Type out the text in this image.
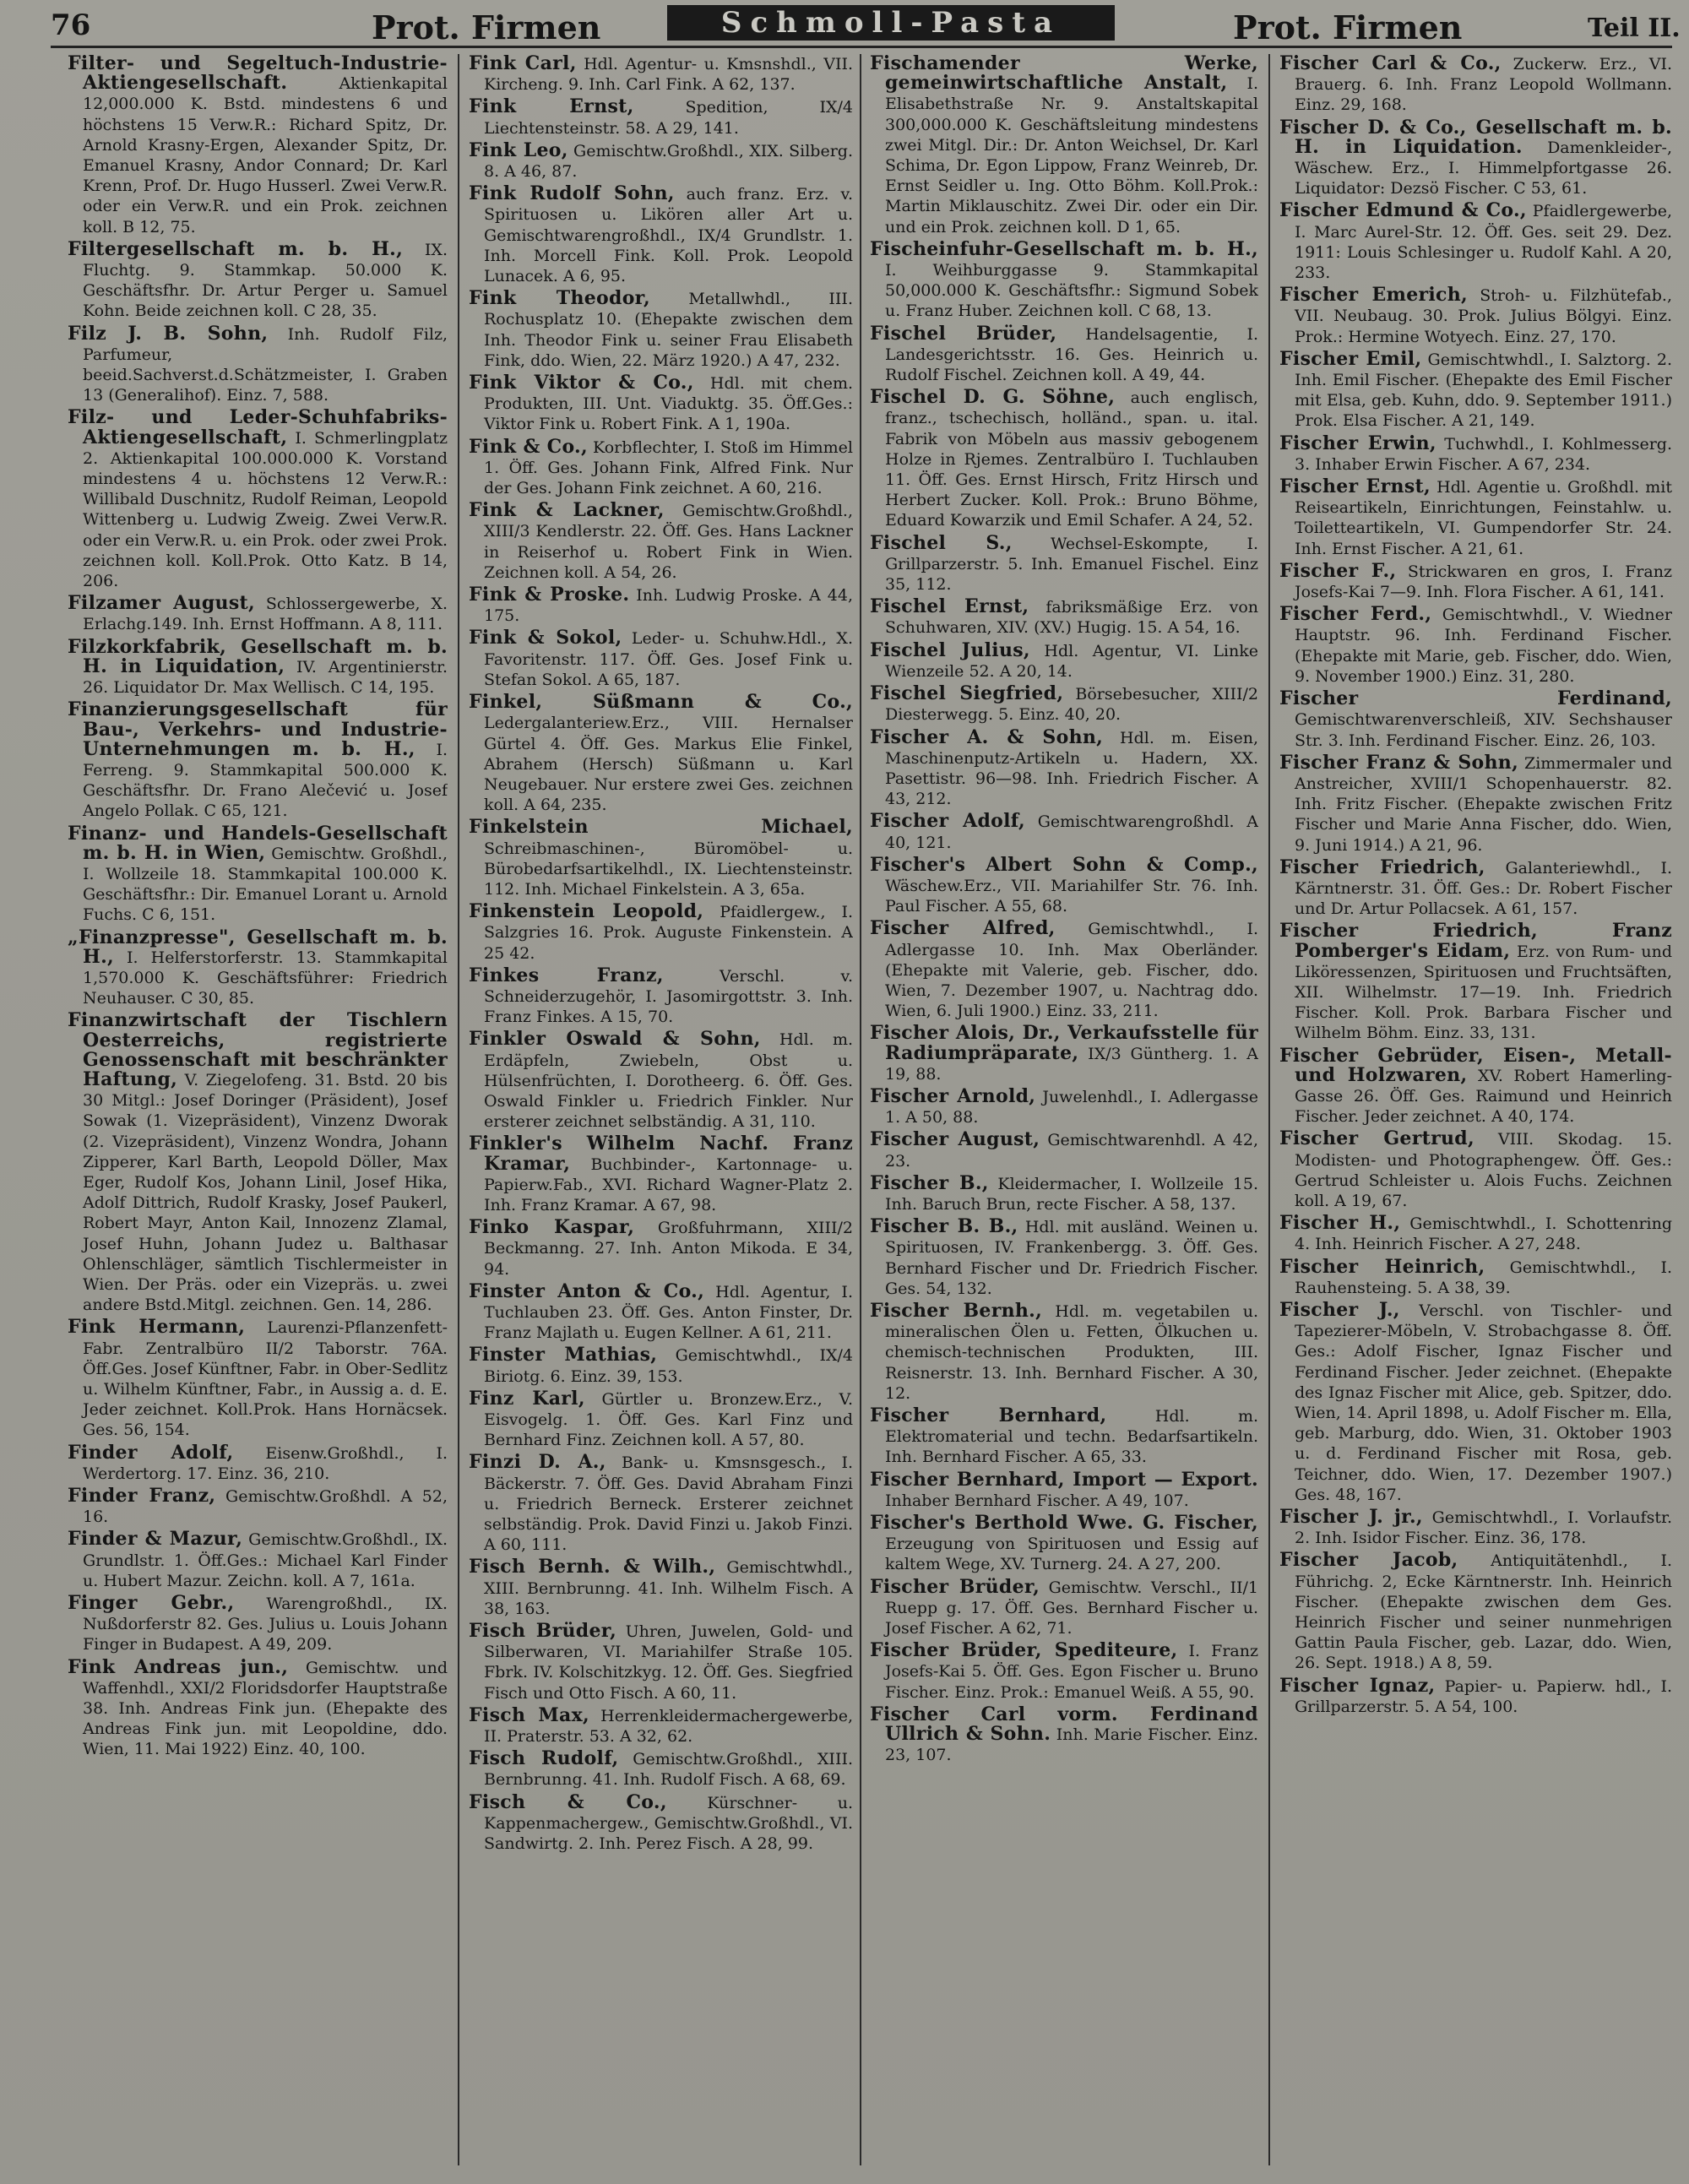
76	Prot. Firmen	Schmoll-Pasta	Prot. Firmen	Teil II.

Filter- und Segeltuch-Industrie-Aktiengesellschaft. Aktienkapital 12,000.000 K. Bstd. mindestens 6 und höchstens 15 Verw.R.: Richard Spitz, Dr. Arnold Krasny-Ergen, Alexander Spitz, Dr. Emanuel Krasny, Andor Connard; Dr. Karl Krenn, Prof. Dr. Hugo Husserl. Zwei Verw.R. oder ein Verw.R. und ein Prok. zeichnen koll. B 12, 75.

Filtergesellschaft m. b. H., IX. Fluchtg. 9. Stammkap. 50.000 K. Geschäftsfhr. Dr. Artur Perger u. Samuel Kohn. Beide zeichnen koll. C 28, 35.

Filz J. B. Sohn, Inh. Rudolf Filz, Parfumeur, beeid.Sachverst.d.Schätzmeister, I. Graben 13 (Generalihof). Einz. 7, 588.

Filz- und Leder-Schuhfabriks-Aktiengesellschaft, I. Schmerlingplatz 2. Aktienkapital 100.000.000 K. Vorstand mindestens 4 u. höchstens 12 Verw.R.: Willibald Duschnitz, Rudolf Reiman, Leopold Wittenberg u. Ludwig Zweig. Zwei Verw.R. oder ein Verw.R. u. ein Prok. oder zwei Prok. zeichnen koll. Koll.Prok. Otto Katz. B 14, 206.

Filzamer August, Schlossergewerbe, X. Erlachg.149. Inh. Ernst Hoffmann. A 8, 111.

Filzkorkfabrik, Gesellschaft m. b. H. in Liquidation, IV. Argentinierstr. 26. Liquidator Dr. Max Wellisch. C 14, 195.

Finanzierungsgesellschaft für Bau-, Verkehrs- und Industrie-Unternehmungen m. b. H., I. Ferreng. 9. Stammkapital 500.000 K. Geschäftsfhr. Dr. Frano Alečević u. Josef Angelo Pollak. C 65, 121.

Finanz- und Handels-Gesellschaft m. b. H. in Wien, Gemischtw. Großhdl., I. Wollzeile 18. Stammkapital 100.000 K. Geschäftsfhr.: Dir. Emanuel Lorant u. Arnold Fuchs. C 6, 151.

„Finanzpresse", Gesellschaft m. b. H., I. Helferstorferstr. 13. Stammkapital 1,570.000 K. Geschäftsführer: Friedrich Neuhauser. C 30, 85.

Finanzwirtschaft der Tischlern Oesterreichs, registrierte Genossenschaft mit beschränkter Haftung, V. Ziegelofeng. 31. Bstd. 20 bis 30 Mitgl.: Josef Doringer (Präsident), Josef Sowak (1. Vizepräsident), Vinzenz Dworak (2. Vizepräsident), Vinzenz Wondra, Johann Zipperer, Karl Barth, Leopold Döller, Max Eger, Rudolf Kos, Johann Linil, Josef Hika, Adolf Dittrich, Rudolf Krasky, Josef Paukerl, Robert Mayr, Anton Kail, Innozenz Zlamal, Josef Huhn, Johann Judez u. Balthasar Ohlenschläger, sämtlich Tischlermeister in Wien. Der Präs. oder ein Vizepräs. u. zwei andere Bstd.Mitgl. zeichnen. Gen. 14, 286.

Fink Hermann, Laurenzi-Pflanzenfett-Fabr. Zentralbüro II/2 Taborstr. 76A. Öff.Ges. Josef Künftner, Fabr. in Ober-Sedlitz u. Wilhelm Künftner, Fabr., in Aussig a. d. E. Jeder zeichnet. Koll.Prok. Hans Hornäcsek. Ges. 56, 154.

Finder Adolf, Eisenw.Großhdl., I. Werdertorg. 17. Einz. 36, 210.

Finder Franz, Gemischtw.Großhdl. A 52, 16.

Finder & Mazur, Gemischtw.Großhdl., IX. Grundlstr. 1. Öff.Ges.: Michael Karl Finder u. Hubert Mazur. Zeichn. koll. A 7, 161a.

Finger Gebr., Warengroßhdl., IX. Nußdorferstr 82. Ges. Julius u. Louis Johann Finger in Budapest. A 49, 209.

Fink Andreas jun., Gemischtw. und Waffenhdl., XXI/2 Floridsdorfer Hauptstraße 38. Inh. Andreas Fink jun. (Ehepakte des Andreas Fink jun. mit Leopoldine, ddo. Wien, 11. Mai 1922) Einz. 40, 100.

Fink Carl, Hdl. Agentur- u. Kmsnshdl., VII. Kircheng. 9. Inh. Carl Fink. A 62, 137.

Fink Ernst, Spedition, IX/4 Liechtensteinstr. 58. A 29, 141.

Fink Leo, Gemischtw.Großhdl., XIX. Silberg. 8. A 46, 87.

Fink Rudolf Sohn, auch franz. Erz. v. Spirituosen u. Likören aller Art u. Gemischtwarengroßhdl., IX/4 Grundlstr. 1. Inh. Morcell Fink. Koll. Prok. Leopold Lunacek. A 6, 95.

Fink Theodor, Metallwhdl., III. Rochusplatz 10. (Ehepakte zwischen dem Inh. Theodor Fink u. seiner Frau Elisabeth Fink, ddo. Wien, 22. März 1920.) A 47, 232.

Fink Viktor & Co., Hdl. mit chem. Produkten, III. Unt. Viaduktg. 35. Öff.Ges.: Viktor Fink u. Robert Fink. A 1, 190a.

Fink & Co., Korbflechter, I. Stoß im Himmel 1. Öff. Ges. Johann Fink, Alfred Fink. Nur der Ges. Johann Fink zeichnet. A 60, 216.

Fink & Lackner, Gemischtw.Großhdl., XIII/3 Kendlerstr. 22. Öff. Ges. Hans Lackner in Reiserhof u. Robert Fink in Wien. Zeichnen koll. A 54, 26.

Fink & Proske. Inh. Ludwig Proske. A 44, 175.

Fink & Sokol, Leder- u. Schuhw.Hdl., X. Favoritenstr. 117. Öff. Ges. Josef Fink u. Stefan Sokol. A 65, 187.

Finkel, Süßmann & Co., Ledergalanteriew.Erz., VIII. Hernalser Gürtel 4. Öff. Ges. Markus Elie Finkel, Abrahem (Hersch) Süßmann u. Karl Neugebauer. Nur erstere zwei Ges. zeichnen koll. A 64, 235.

Finkelstein Michael, Schreibmaschinen-, Büromöbel- u. Bürobedarfsartikelhdl., IX. Liechtensteinstr. 112. Inh. Michael Finkelstein. A 3, 65a.

Finkenstein Leopold, Pfaidlergew., I. Salzgries 16. Prok. Auguste Finkenstein. A 25 42.

Finkes Franz, Verschl. v. Schneiderzugehör, I. Jasomirgottstr. 3. Inh. Franz Finkes. A 15, 70.

Finkler Oswald & Sohn, Hdl. m. Erdäpfeln, Zwiebeln, Obst u. Hülsenfrüchten, I. Dorotheerg. 6. Öff. Ges. Oswald Finkler u. Friedrich Finkler. Nur ersterer zeichnet selbständig. A 31, 110.

Finkler's Wilhelm Nachf. Franz Kramar, Buchbinder-, Kartonnage- u. Papierw.Fab., XVI. Richard Wagner-Platz 2. Inh. Franz Kramar. A 67, 98.

Finko Kaspar, Großfuhrmann, XIII/2 Beckmanng. 27. Inh. Anton Mikoda. E 34, 94.

Finster Anton & Co., Hdl. Agentur, I. Tuchlauben 23. Öff. Ges. Anton Finster, Dr. Franz Majlath u. Eugen Kellner. A 61, 211.

Finster Mathias, Gemischtwhdl., IX/4 Biriotg. 6. Einz. 39, 153.

Finz Karl, Gürtler u. Bronzew.Erz., V. Eisvogelg. 1. Öff. Ges. Karl Finz und Bernhard Finz. Zeichnen koll. A 57, 80.

Finzi D. A., Bank- u. Kmsnsgesch., I. Bäckerstr. 7. Öff. Ges. David Abraham Finzi u. Friedrich Berneck. Ersterer zeichnet selbständig. Prok. David Finzi u. Jakob Finzi. A 60, 111.

Fisch Bernh. & Wilh., Gemischtwhdl., XIII. Bernbrunng. 41. Inh. Wilhelm Fisch. A 38, 163.

Fisch Brüder, Uhren, Juwelen, Gold- und Silberwaren, VI. Mariahilfer Straße 105. Fbrk. IV. Kolschitzkyg. 12. Öff. Ges. Siegfried Fisch und Otto Fisch. A 60, 11.

Fisch Max, Herrenkleidermachergewerbe, II. Praterstr. 53. A 32, 62.

Fisch Rudolf, Gemischtw.Großhdl., XIII. Bernbrunng. 41. Inh. Rudolf Fisch. A 68, 69.

Fisch & Co., Kürschner- u. Kappenmachergew., Gemischtw.Großhdl., VI. Sandwirtg. 2. Inh. Perez Fisch. A 28, 99.

Fischamender Werke, gemeinwirtschaftliche Anstalt, I. Elisabethstraße Nr. 9. Anstaltskapital 300,000.000 K. Geschäftsleitung mindestens zwei Mitgl. Dir.: Dr. Anton Weichsel, Dr. Karl Schima, Dr. Egon Lippow, Franz Weinreb, Dr. Ernst Seidler u. Ing. Otto Böhm. Koll.Prok.: Martin Miklauschitz. Zwei Dir. oder ein Dir. und ein Prok. zeichnen koll. D 1, 65.

Fischeinfuhr-Gesellschaft m. b. H., I. Weihburggasse 9. Stammkapital 50,000.000 K. Geschäftsfhr.: Sigmund Sobek u. Franz Huber. Zeichnen koll. C 68, 13.

Fischel Brüder, Handelsagentie, I. Landesgerichtsstr. 16. Ges. Heinrich u. Rudolf Fischel. Zeichnen koll. A 49, 44.

Fischel D. G. Söhne, auch englisch, franz., tschechisch, holländ., span. u. ital. Fabrik von Möbeln aus massiv gebogenem Holze in Rjemes. Zentralbüro I. Tuchlauben 11. Öff. Ges. Ernst Hirsch, Fritz Hirsch und Herbert Zucker. Koll. Prok.: Bruno Böhme, Eduard Kowarzik und Emil Schafer. A 24, 52.

Fischel S., Wechsel-Eskompte, I. Grillparzerstr. 5. Inh. Emanuel Fischel. Einz 35, 112.

Fischel Ernst, fabriksmäßige Erz. von Schuhwaren, XIV. (XV.) Hugig. 15. A 54, 16.

Fischel Julius, Hdl. Agentur, VI. Linke Wienzeile 52. A 20, 14.

Fischel Siegfried, Börsebesucher, XIII/2 Diesterwegg. 5. Einz. 40, 20.

Fischer A. & Sohn, Hdl. m. Eisen, Maschinenputz-Artikeln u. Hadern, XX. Pasettistr. 96—98. Inh. Friedrich Fischer. A 43, 212.

Fischer Adolf, Gemischtwarengroßhdl. A 40, 121.

Fischer's Albert Sohn & Comp., Wäschew.Erz., VII. Mariahilfer Str. 76. Inh. Paul Fischer. A 55, 68.

Fischer Alfred, Gemischtwhdl., I. Adlergasse 10. Inh. Max Oberländer. (Ehepakte mit Valerie, geb. Fischer, ddo. Wien, 7. Dezember 1907, u. Nachtrag ddo. Wien, 6. Juli 1900.) Einz. 33, 211.

Fischer Alois, Dr., Verkaufsstelle für Radiumpräparate, IX/3 Güntherg. 1. A 19, 88.

Fischer Arnold, Juwelenhdl., I. Adlergasse 1. A 50, 88.

Fischer August, Gemischtwarenhdl. A 42, 23.

Fischer B., Kleidermacher, I. Wollzeile 15. Inh. Baruch Brun, recte Fischer. A 58, 137.

Fischer B. B., Hdl. mit ausländ. Weinen u. Spirituosen, IV. Frankenbergg. 3. Öff. Ges. Bernhard Fischer und Dr. Friedrich Fischer. Ges. 54, 132.

Fischer Bernh., Hdl. m. vegetabilen u. mineralischen Ölen u. Fetten, Ölkuchen u. chemisch-technischen Produkten, III. Reisnerstr. 13. Inh. Bernhard Fischer. A 30, 12.

Fischer Bernhard, Hdl. m. Elektromaterial und techn. Bedarfsartikeln. Inh. Bernhard Fischer. A 65, 33.

Fischer Bernhard, Import — Export. Inhaber Bernhard Fischer. A 49, 107.

Fischer's Berthold Wwe. G. Fischer, Erzeugung von Spirituosen und Essig auf kaltem Wege, XV. Turnerg. 24. A 27, 200.

Fischer Brüder, Gemischtw. Verschl., II/1 Ruepp g. 17. Öff. Ges. Bernhard Fischer u. Josef Fischer. A 62, 71.

Fischer Brüder, Spediteure, I. Franz Josefs-Kai 5. Öff. Ges. Egon Fischer u. Bruno Fischer. Einz. Prok.: Emanuel Weiß. A 55, 90.

Fischer Carl vorm. Ferdinand Ullrich & Sohn. Inh. Marie Fischer. Einz. 23, 107.

Fischer Carl & Co., Zuckerw. Erz., VI. Brauerg. 6. Inh. Franz Leopold Wollmann. Einz. 29, 168.

Fischer D. & Co., Gesellschaft m. b. H. in Liquidation. Damenkleider-, Wäschew. Erz., I. Himmelpfortgasse 26. Liquidator: Dezsö Fischer. C 53, 61.

Fischer Edmund & Co., Pfaidlergewerbe, I. Marc Aurel-Str. 12. Öff. Ges. seit 29. Dez. 1911: Louis Schlesinger u. Rudolf Kahl. A 20, 233.

Fischer Emerich, Stroh- u. Filzhütefab., VII. Neubaug. 30. Prok. Julius Bölgyi. Einz. Prok.: Hermine Wotyech. Einz. 27, 170.

Fischer Emil, Gemischtwhdl., I. Salztorg. 2. Inh. Emil Fischer. (Ehepakte des Emil Fischer mit Elsa, geb. Kuhn, ddo. 9. September 1911.) Prok. Elsa Fischer. A 21, 149.

Fischer Erwin, Tuchwhdl., I. Kohlmesserg. 3. Inhaber Erwin Fischer. A 67, 234.

Fischer Ernst, Hdl. Agentie u. Großhdl. mit Reiseartikeln, Einrichtungen, Feinstahlw. u. Toiletteartikeln, VI. Gumpendorfer Str. 24. Inh. Ernst Fischer. A 21, 61.

Fischer F., Strickwaren en gros, I. Franz Josefs-Kai 7—9. Inh. Flora Fischer. A 61, 141.

Fischer Ferd., Gemischtwhdl., V. Wiedner Hauptstr. 96. Inh. Ferdinand Fischer. (Ehepakte mit Marie, geb. Fischer, ddo. Wien, 9. November 1900.) Einz. 31, 280.

Fischer Ferdinand, Gemischtwarenverschleiß, XIV. Sechshauser Str. 3. Inh. Ferdinand Fischer. Einz. 26, 103.

Fischer Franz & Sohn, Zimmermaler und Anstreicher, XVIII/1 Schopenhauerstr. 82. Inh. Fritz Fischer. (Ehepakte zwischen Fritz Fischer und Marie Anna Fischer, ddo. Wien, 9. Juni 1914.) A 21, 96.

Fischer Friedrich, Galanteriewhdl., I. Kärntnerstr. 31. Öff. Ges.: Dr. Robert Fischer und Dr. Artur Pollacsek. A 61, 157.

Fischer Friedrich, Franz Pomberger's Eidam, Erz. von Rum- und Liköressenzen, Spirituosen und Fruchtsäften, XII. Wilhelmstr. 17—19. Inh. Friedrich Fischer. Koll. Prok. Barbara Fischer und Wilhelm Böhm. Einz. 33, 131.

Fischer Gebrüder, Eisen-, Metall- und Holzwaren, XV. Robert Hamerling-Gasse 26. Öff. Ges. Raimund und Heinrich Fischer. Jeder zeichnet. A 40, 174.

Fischer Gertrud, VIII. Skodag. 15. Modisten- und Photographengew. Öff. Ges.: Gertrud Schleister u. Alois Fuchs. Zeichnen koll. A 19, 67.

Fischer H., Gemischtwhdl., I. Schottenring 4. Inh. Heinrich Fischer. A 27, 248.

Fischer Heinrich, Gemischtwhdl., I. Rauhensteing. 5. A 38, 39.

Fischer J., Verschl. von Tischler- und Tapezierer-Möbeln, V. Strobachgasse 8. Öff. Ges.: Adolf Fischer, Ignaz Fischer und Ferdinand Fischer. Jeder zeichnet. (Ehepakte des Ignaz Fischer mit Alice, geb. Spitzer, ddo. Wien, 14. April 1898, u. Adolf Fischer m. Ella, geb. Marburg, ddo. Wien, 31. Oktober 1903 u. d. Ferdinand Fischer mit Rosa, geb. Teichner, ddo. Wien, 17. Dezember 1907.) Ges. 48, 167.

Fischer J. jr., Gemischtwhdl., I. Vorlaufstr. 2. Inh. Isidor Fischer. Einz. 36, 178.

Fischer Jacob, Antiquitätenhdl., I. Führichg. 2, Ecke Kärntnerstr. Inh. Heinrich Fischer. (Ehepakte zwischen dem Ges. Heinrich Fischer und seiner nunmehrigen Gattin Paula Fischer, geb. Lazar, ddo. Wien, 26. Sept. 1918.) A 8, 59.

Fischer Ignaz, Papier- u. Papierw. hdl., I. Grillparzerstr. 5. A 54, 100.
